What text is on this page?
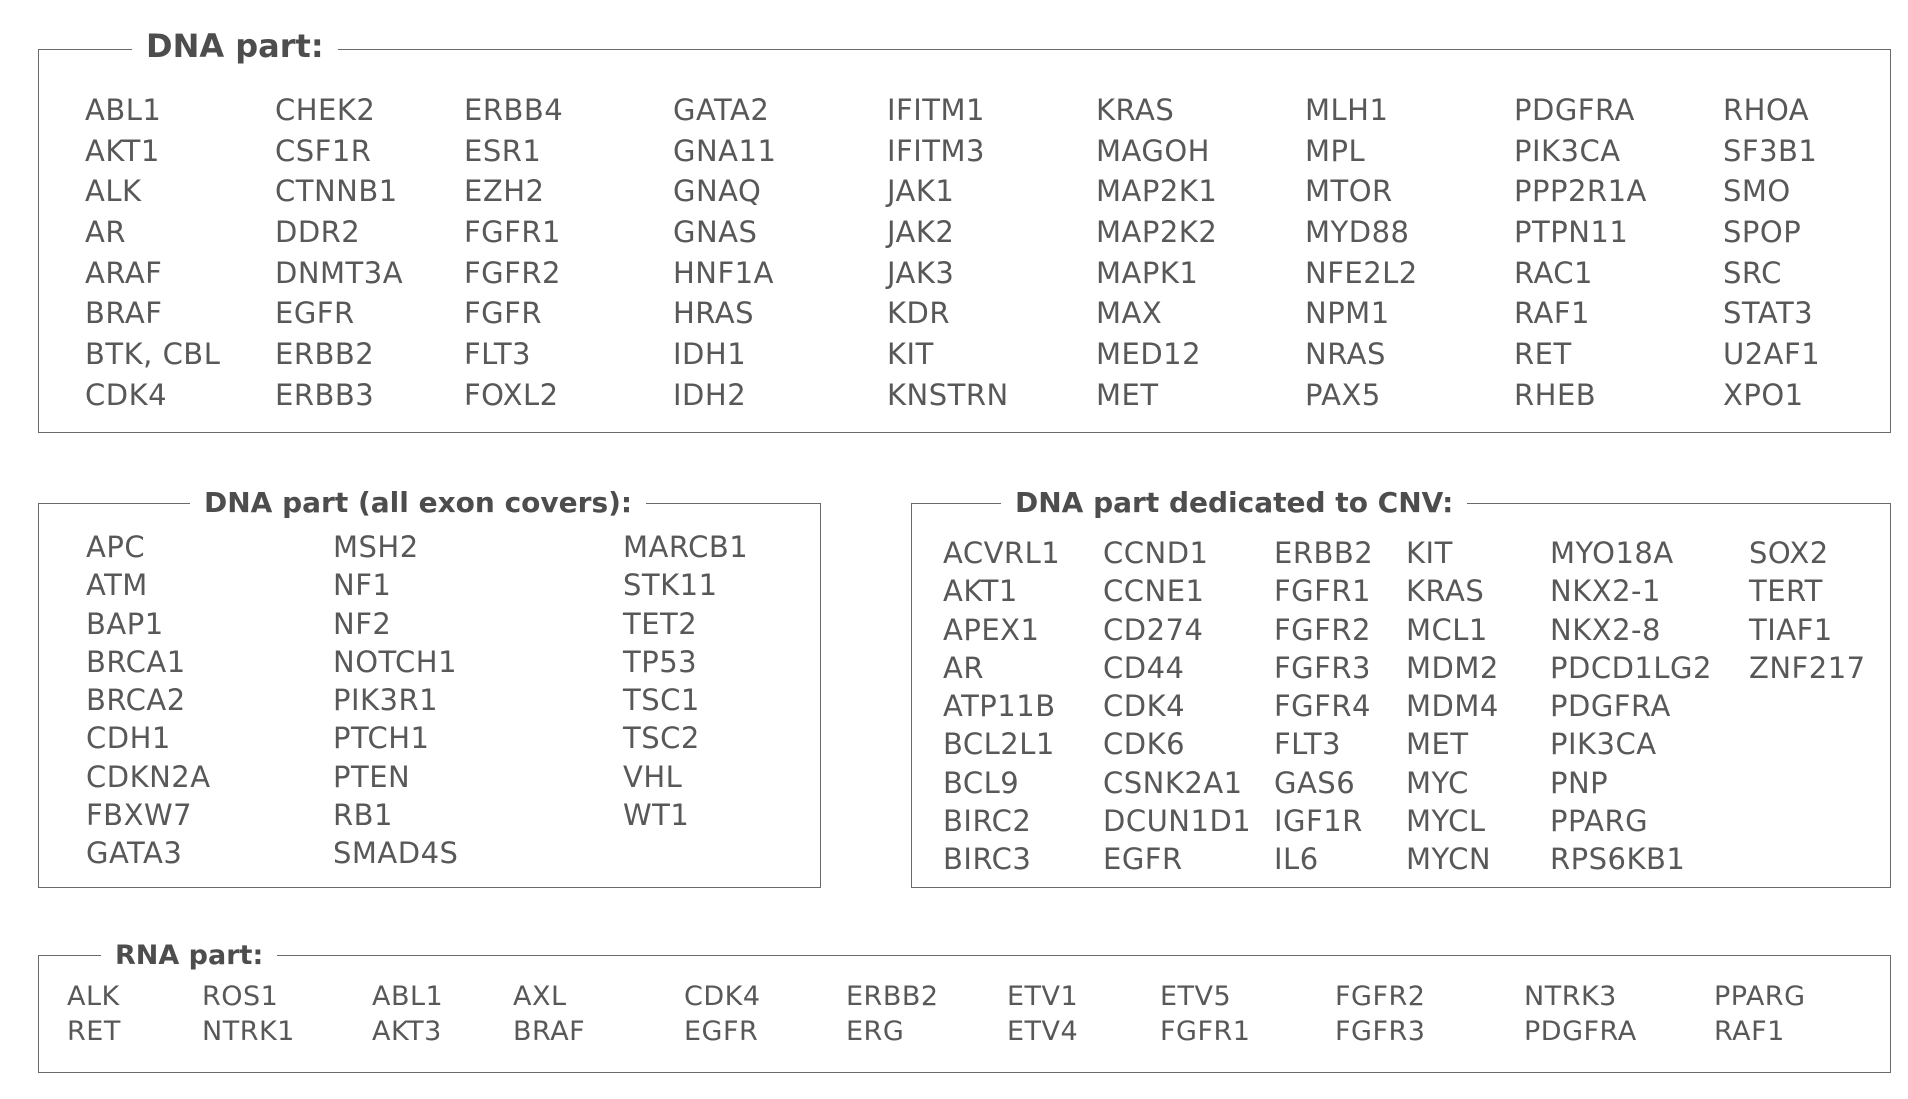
DNA part:
ABL1
AKT1
ALK
AR
ARAF
BRAF
BTK, CBL
CDK4
CHEK2
CSF1R
CTNNB1
DDR2
DNMT3A
EGFR
ERBB2
ERBB3
ERBB4
ESR1
EZH2
FGFR1
FGFR2
FGFR
FLT3
FOXL2
GATA2
GNA11
GNAQ
GNAS
HNF1A
HRAS
IDH1
IDH2
IFITM1
IFITM3
JAK1
JAK2
JAK3
KDR
KIT
KNSTRN
KRAS
MAGOH
MAP2K1
MAP2K2
MAPK1
MAX
MED12
MET
MLH1
MPL
MTOR
MYD88
NFE2L2
NPM1
NRAS
PAX5
PDGFRA
PIK3CA
PPP2R1A
PTPN11
RAC1
RAF1
RET
RHEB
RHOA
SF3B1
SMO
SPOP
SRC
STAT3
U2AF1
XPO1
DNA part (all exon covers):
APC
ATM
BAP1
BRCA1
BRCA2
CDH1
CDKN2A
FBXW7
GATA3
MSH2
NF1
NF2
NOTCH1
PIK3R1
PTCH1
PTEN
RB1
SMAD4S
MARCB1
STK11
TET2
TP53
TSC1
TSC2
VHL
WT1
DNA part dedicated to CNV:
ACVRL1
AKT1
APEX1
AR
ATP11B
BCL2L1
BCL9
BIRC2
BIRC3
CCND1
CCNE1
CD274
CD44
CDK4
CDK6
CSNK2A1
DCUN1D1
EGFR
ERBB2
FGFR1
FGFR2
FGFR3
FGFR4
FLT3
GAS6
IGF1R
IL6
KIT
KRAS
MCL1
MDM2
MDM4
MET
MYC
MYCL
MYCN
MYO18A
NKX2-1
NKX2-8
PDCD1LG2
PDGFRA
PIK3CA
PNP
PPARG
RPS6KB1
SOX2
TERT
TIAF1
ZNF217
RNA part:
ALK
RET
ROS1
NTRK1
ABL1
AKT3
AXL
BRAF
CDK4
EGFR
ERBB2
ERG
ETV1
ETV4
ETV5
FGFR1
FGFR2
FGFR3
NTRK3
PDGFRA
PPARG
RAF1
